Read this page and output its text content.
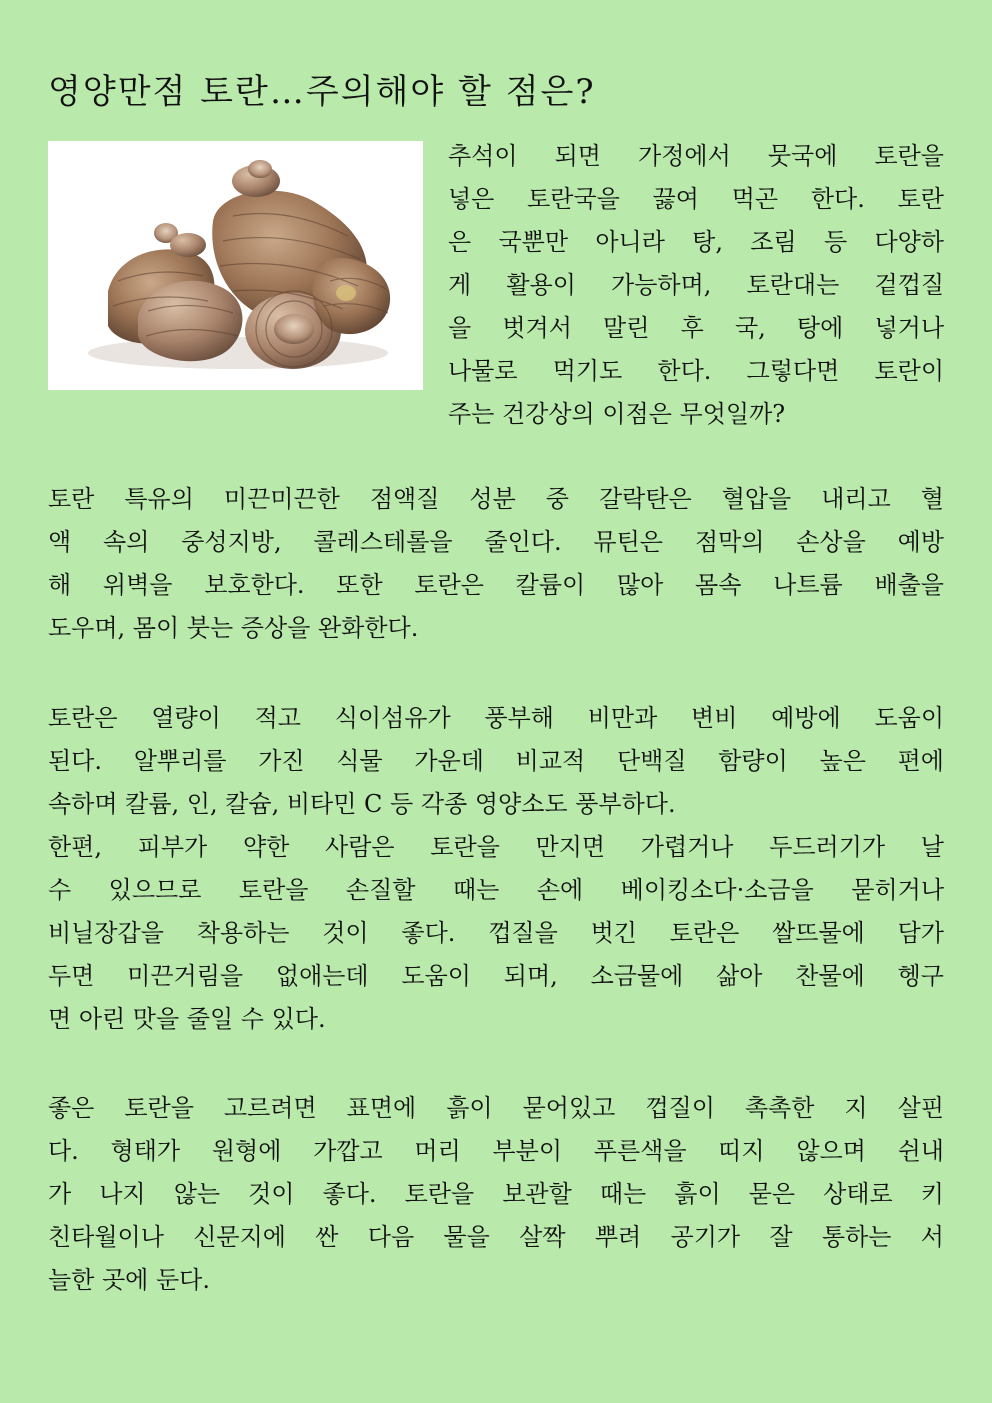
영양만점 토란…주의해야 할 점은?
추석이 되면 가정에서 뭇국에 토란을
넣은 토란국을 끓여 먹곤 한다. 토란
은 국뿐만 아니라 탕, 조림 등 다양하
게 활용이 가능하며, 토란대는 겉껍질
을 벗겨서 말린 후 국, 탕에 넣거나
나물로 먹기도 한다. 그렇다면 토란이
주는 건강상의 이점은 무엇일까?
토란 특유의 미끈미끈한 점액질 성분 중 갈락탄은 혈압을 내리고 혈
액 속의 중성지방, 콜레스테롤을 줄인다. 뮤틴은 점막의 손상을 예방
해 위벽을 보호한다. 또한 토란은 칼륨이 많아 몸속 나트륨 배출을
도우며, 몸이 붓는 증상을 완화한다.
토란은 열량이 적고 식이섬유가 풍부해 비만과 변비 예방에 도움이
된다. 알뿌리를 가진 식물 가운데 비교적 단백질 함량이 높은 편에
속하며 칼륨, 인, 칼슘, 비타민 C 등 각종 영양소도 풍부하다.
한편, 피부가 약한 사람은 토란을 만지면 가렵거나 두드러기가 날
수 있으므로 토란을 손질할 때는 손에 베이킹소다·소금을 묻히거나
비닐장갑을 착용하는 것이 좋다. 껍질을 벗긴 토란은 쌀뜨물에 담가
두면 미끈거림을 없애는데 도움이 되며, 소금물에 삶아 찬물에 헹구
면 아린 맛을 줄일 수 있다.
좋은 토란을 고르려면 표면에 흙이 묻어있고 껍질이 촉촉한 지 살핀
다. 형태가 원형에 가깝고 머리 부분이 푸른색을 띠지 않으며 쉰내
가 나지 않는 것이 좋다. 토란을 보관할 때는 흙이 묻은 상태로 키
친타월이나 신문지에 싼 다음 물을 살짝 뿌려 공기가 잘 통하는 서
늘한 곳에 둔다.
